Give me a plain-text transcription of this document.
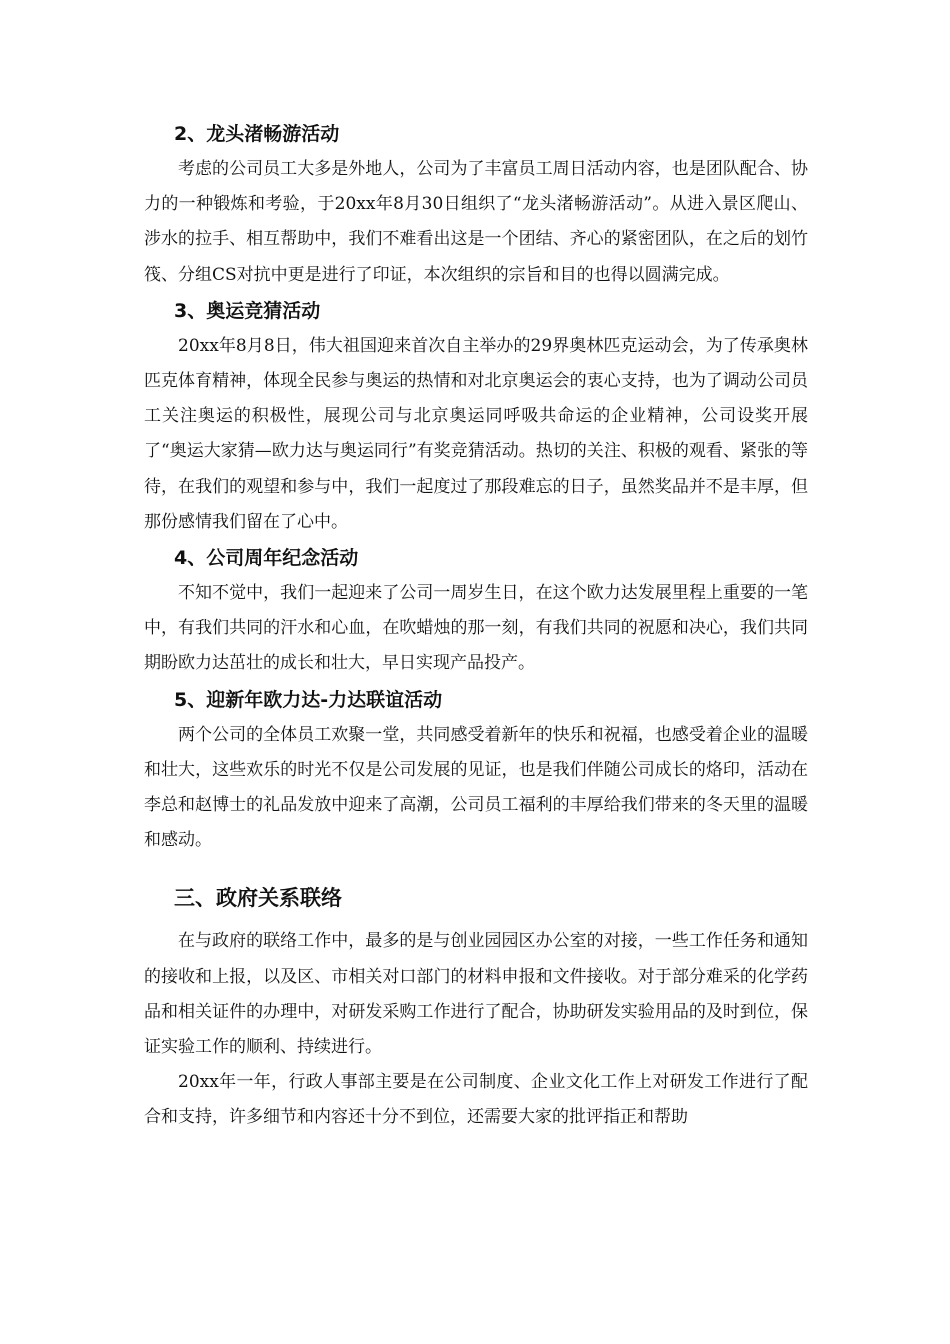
2、龙头渚畅游活动

考虑的公司员工大多是外地人，公司为了丰富员工周日活动内容，也是团队配合、协力的一种锻炼和考验，于20xx年8月30日组织了“龙头渚畅游活动”。从进入景区爬山、涉水的拉手、相互帮助中，我们不难看出这是一个团结、齐心的紧密团队，在之后的划竹筏、分组CS对抗中更是进行了印证，本次组织的宗旨和目的也得以圆满完成。

3、奥运竞猜活动

20xx年8月8日，伟大祖国迎来首次自主举办的29界奥林匹克运动会，为了传承奥林匹克体育精神，体现全民参与奥运的热情和对北京奥运会的衷心支持，也为了调动公司员工关注奥运的积极性，展现公司与北京奥运同呼吸共命运的企业精神，公司设奖开展了“奥运大家猜—欧力达与奥运同行”有奖竞猜活动。热切的关注、积极的观看、紧张的等待，在我们的观望和参与中，我们一起度过了那段难忘的日子，虽然奖品并不是丰厚，但那份感情我们留在了心中。

4、公司周年纪念活动

不知不觉中，我们一起迎来了公司一周岁生日，在这个欧力达发展里程上重要的一笔中，有我们共同的汗水和心血，在吹蜡烛的那一刻，有我们共同的祝愿和决心，我们共同期盼欧力达茁壮的成长和壮大，早日实现产品投产。

5、迎新年欧力达-力达联谊活动

两个公司的全体员工欢聚一堂，共同感受着新年的快乐和祝福，也感受着企业的温暖和壮大，这些欢乐的时光不仅是公司发展的见证，也是我们伴随公司成长的烙印，活动在李总和赵博士的礼品发放中迎来了高潮，公司员工福利的丰厚给我们带来的冬天里的温暖和感动。

三、政府关系联络

在与政府的联络工作中，最多的是与创业园园区办公室的对接，一些工作任务和通知的接收和上报，以及区、市相关对口部门的材料申报和文件接收。对于部分难采的化学药品和相关证件的办理中，对研发采购工作进行了配合，协助研发实验用品的及时到位，保证实验工作的顺利、持续进行。

20xx年一年，行政人事部主要是在公司制度、企业文化工作上对研发工作进行了配合和支持，许多细节和内容还十分不到位，还需要大家的批评指正和帮助
